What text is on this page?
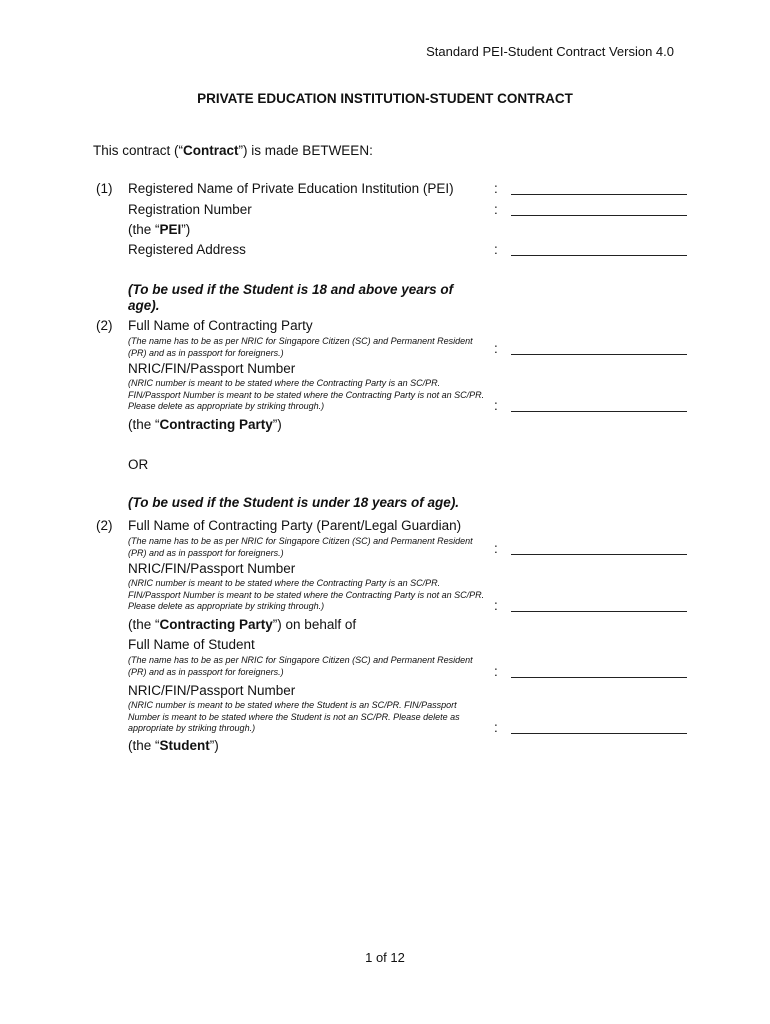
Standard PEI-Student Contract Version 4.0
PRIVATE EDUCATION INSTITUTION-STUDENT CONTRACT
This contract (“Contract”) is made BETWEEN:
(1) Registered Name of Private Education Institution (PEI)	:
Registration Number	:
(the “PEI”)
Registered Address	:
(To be used if the Student is 18 and above years of age).
(2) Full Name of Contracting Party
(The name has to be as per NRIC for Singapore Citizen (SC) and Permanent Resident (PR) and as in passport for foreigners.)	:
NRIC/FIN/Passport Number
(NRIC number is meant to be stated where the Contracting Party is an SC/PR. FIN/Passport Number is meant to be stated where the Contracting Party is not an SC/PR. Please delete as appropriate by striking through.)	:
(the “Contracting Party”)
OR
(To be used if the Student is under 18 years of age).
(2) Full Name of Contracting Party (Parent/Legal Guardian)
(The name has to be as per NRIC for Singapore Citizen (SC) and Permanent Resident (PR) and as in passport for foreigners.)	:
NRIC/FIN/Passport Number
(NRIC number is meant to be stated where the Contracting Party is an SC/PR. FIN/Passport Number is meant to be stated where the Contracting Party is not an SC/PR. Please delete as appropriate by striking through.)	:
(the “Contracting Party”) on behalf of
Full Name of Student
(The name has to be as per NRIC for Singapore Citizen (SC) and Permanent Resident (PR) and as in passport for foreigners.)	:
NRIC/FIN/Passport Number
(NRIC number is meant to be stated where the Student is an SC/PR. FIN/Passport Number is meant to be stated where the Student is not an SC/PR. Please delete as appropriate by striking through.)	:
(the “Student”)
1 of 12
